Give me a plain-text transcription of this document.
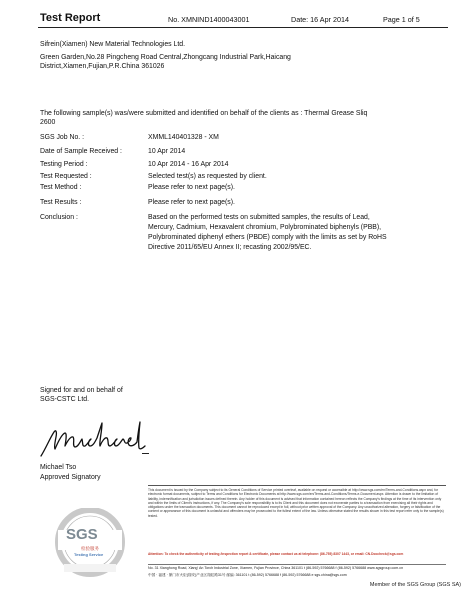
Test Report	No. XMNIND1400043001	Date: 16 Apr 2014	Page 1 of 5
Sifrein(Xiamen) New Material Technologies Ltd.
Green Garden,No.28 Pingcheng Road Central,Zhongcang Industrial Park,Haicang
District,Xiamen,Fujian,P.R.China 361026
The following sample(s) was/were submitted and identified on behalf of the clients as : Thermal Grease Sliq
2600
SGS Job No. :	XMML140401328 - XM
Date of Sample Received :	10 Apr 2014
Testing Period :	10 Apr 2014 - 16 Apr 2014
Test Requested :	Selected test(s) as requested by client.
Test Method :	Please refer to next page(s).
Test Results :	Please refer to next page(s).
Conclusion :	Based on the performed tests on submitted samples, the results of Lead,
Mercury, Cadmium, Hexavalent chromium, Polybrominated biphenyls (PBB),
Polybrominated diphenyl ethers (PBDE) comply with the limits as set by RoHS
Directive 2011/65/EU Annex II; recasting 2002/95/EC.
Signed for and on behalf of
SGS-CSTC Ltd.
Michael Tso
Approved Signatory
SGS
检验服务
Testing Service
This document is issued by the Company subject to its General Conditions of Service printed overleaf, available on request or accessible at http://www.sgs.com/en/Terms-and-Conditions.aspx and, for electronic format documents, subject to Terms and Conditions for Electronic Documents at http://www.sgs.com/en/Terms-and-Conditions/Terms-e-Document.aspx. Attention is drawn to the limitation of liability, indemnification and jurisdiction issues defined therein. Any holder of this document is advised that information contained hereon reflects the Company's findings at the time of its intervention only and within the limits of Client's instructions, if any. The Company's sole responsibility is to its Client and this document does not exonerate parties to a transaction from exercising all their rights and obligations under the transaction documents. This document cannot be reproduced except in full, without prior written approval of the Company. Any unauthorized alteration, forgery or falsification of the content or appearance of this document is unlawful and offenders may be prosecuted to the fullest extent of the law. Unless otherwise stated the results shown in this test report refer only to the sample(s) tested.
Attention: To check the authenticity of testing /inspection report & certificate, please contact us at telephone: (86-755) 8307 1443, or email: CN.Doccheck@sgs.com
No. 31 Xianghong Road, Xiang' An Torch Industrial Zone, Xiamen, Fujian Province, China 361101 t (86-592) 5766688 f (86-592) 5766688 www.sgsgroup.com.cn
中国 · 福建 · 厦门市火炬(翔安)产业区翔虹路31号 邮编: 361101 t (86-592) 5766688 f (86-592) 5766688 e sgs.china@sgs.com
Member of the SGS Group (SGS SA)
